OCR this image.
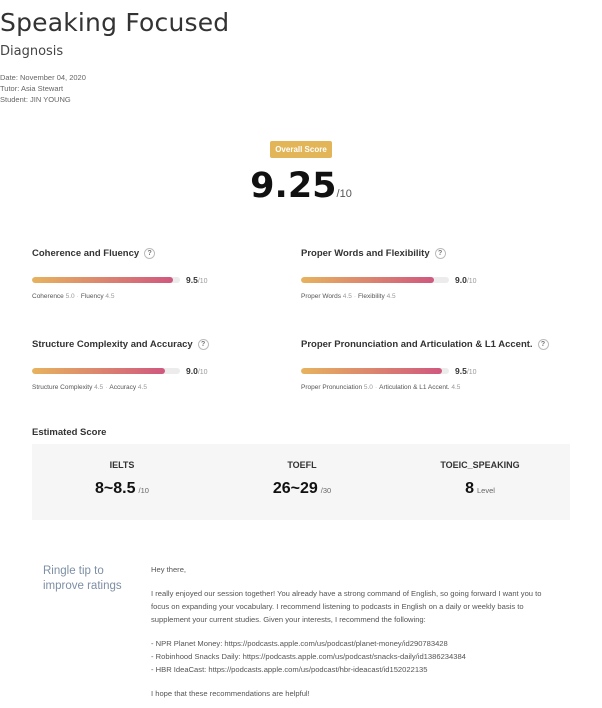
Speaking Focused
Diagnosis
Date: November 04, 2020
Tutor: Asia Stewart
Student: JIN YOUNG
Overall Score
9.25/10
Coherence and Fluency	?
9.5/10
Coherence 5.0 · Fluency 4.5
Proper Words and Flexibility	?
9.0/10
Proper Words 4.5 · Flexibility 4.5
Structure Complexity and Accuracy	?
9.0/10
Structure Complexity 4.5 · Accuracy 4.5
Proper Pronunciation and Articulation & L1 Accent.	?
9.5/10
Proper Pronunciation 5.0 · Articulation & L1 Accent. 4.5
Estimated Score
IELTS
8~8.5 /10
TOEFL
26~29 /30
TOEIC_SPEAKING
8 Level
Ringle tip to improve ratings

Hey there,

I really enjoyed our session together! You already have a strong command of English, so going forward I want you to focus on expanding your vocabulary. I recommend listening to podcasts in English on a daily or weekly basis to supplement your current studies. Given your interests, I recommend the following:

- NPR Planet Money: https://podcasts.apple.com/us/podcast/planet-money/id290783428

- Robinhood Snacks Daily: https://podcasts.apple.com/us/podcast/snacks-daily/id1386234384

- HBR IdeaCast: https://podcasts.apple.com/us/podcast/hbr-ideacast/id152022135

I hope that these recommendations are helpful!
